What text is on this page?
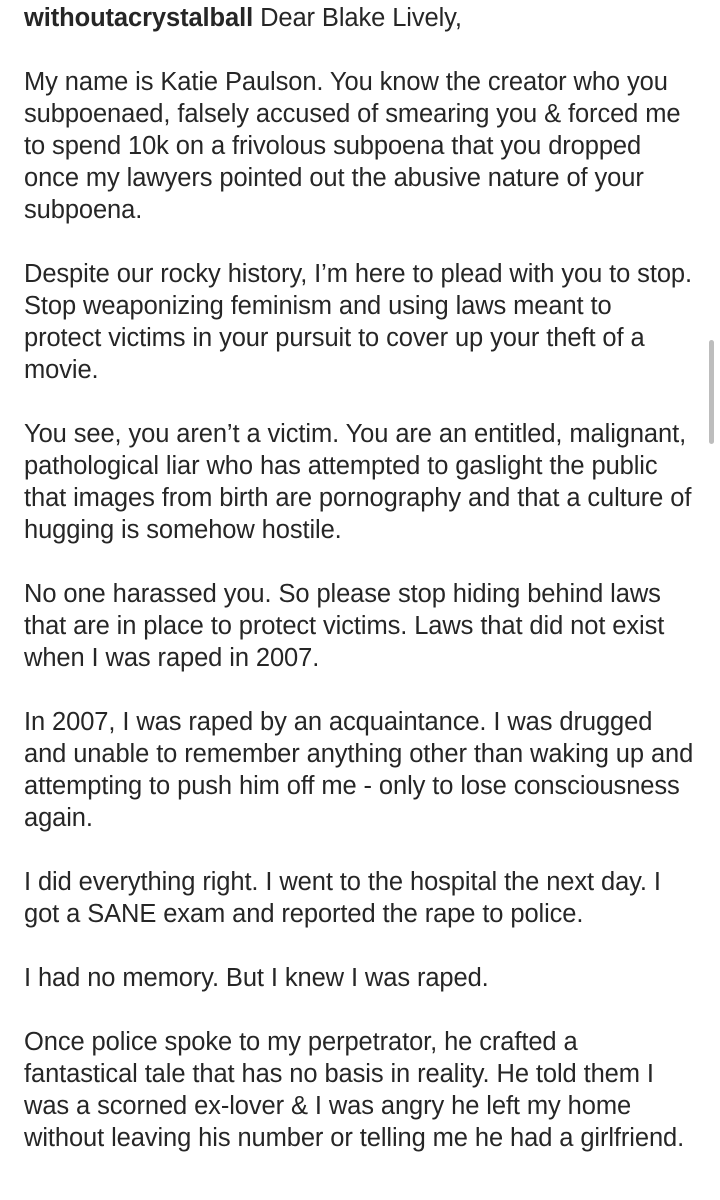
withoutacrystalball Dear Blake Lively,

My name is Katie Paulson. You know the creator who you subpoenaed, falsely accused of smearing you & forced me to spend 10k on a frivolous subpoena that you dropped once my lawyers pointed out the abusive nature of your subpoena.

Despite our rocky history, I’m here to plead with you to stop. Stop weaponizing feminism and using laws meant to protect victims in your pursuit to cover up your theft of a movie.

You see, you aren’t a victim. You are an entitled, malignant, pathological liar who has attempted to gaslight the public that images from birth are pornography and that a culture of hugging is somehow hostile.

No one harassed you. So please stop hiding behind laws that are in place to protect victims. Laws that did not exist when I was raped in 2007.

In 2007, I was raped by an acquaintance. I was drugged and unable to remember anything other than waking up and attempting to push him off me - only to lose consciousness again.

I did everything right. I went to the hospital the next day. I got a SANE exam and reported the rape to police.

I had no memory. But I knew I was raped.

Once police spoke to my perpetrator, he crafted a fantastical tale that has no basis in reality. He told them I was a scorned ex-lover & I was angry he left my home without leaving his number or telling me he had a girlfriend.
